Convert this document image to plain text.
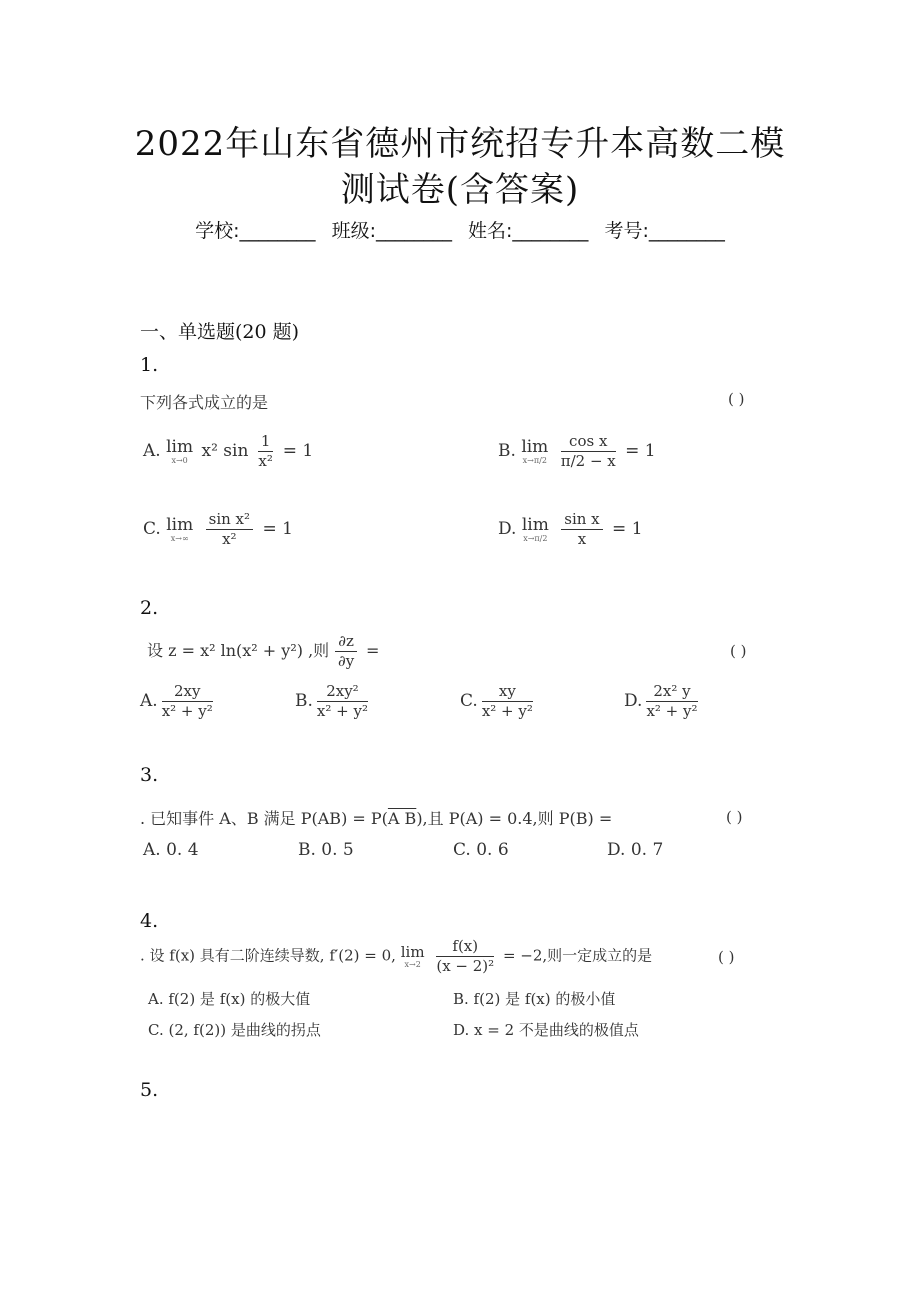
2022年山东省德州市统招专升本高数二模
测试卷(含答案)
学校:________ 班级:________ 姓名:________ 考号:________
一、单选题(20 题)
1.
下列各式成立的是	( )
A. lim
x→0 x² $\sin \frac{1}{\text{x²}} = 1$	B. lim
x→π/2
$\frac{\text{cos x}}{\pi/2 - x} = 1$
C. lim
x→∞
	$\frac{\text{sin x²}}{\text{x²}} = 1$	D. lim
x→π/2
$\frac{\text{sin x}}{x} = 1$
2.
设 z = x² ln(x² + y²) ,则 $\frac{\partial z}{\partial y}$ =	( )
A. $\frac{2xy}{\text{x² + y²}}$	B. $\frac{\text{2xy²}}{\text{x² + y²}}$	C. $\frac{xy}{\text{x² + y²}}$	D. $\frac{\text{2x² y}}{\text{x² + y²}}$
3.
. 已知事件 A、B 满足 P(AB) = P(A B),且 P(A) = 0.4,则 P(B) =	( )
A. 0. 4	B. 0. 5	C. 0. 6	D. 0. 7
4.
. 设 f(x) 具有二阶连续导数, f′(2) = 0, lim
x→2
$\frac{f(x)}{\text{(x − 2)²}} = -2$,则一定成立的是	( )
A. f(2) 是 f(x) 的极大值	B. f(2) 是 f(x) 的极小值
C. (2, f(2)) 是曲线的拐点	D. x = 2 不是曲线的极值点
5.
